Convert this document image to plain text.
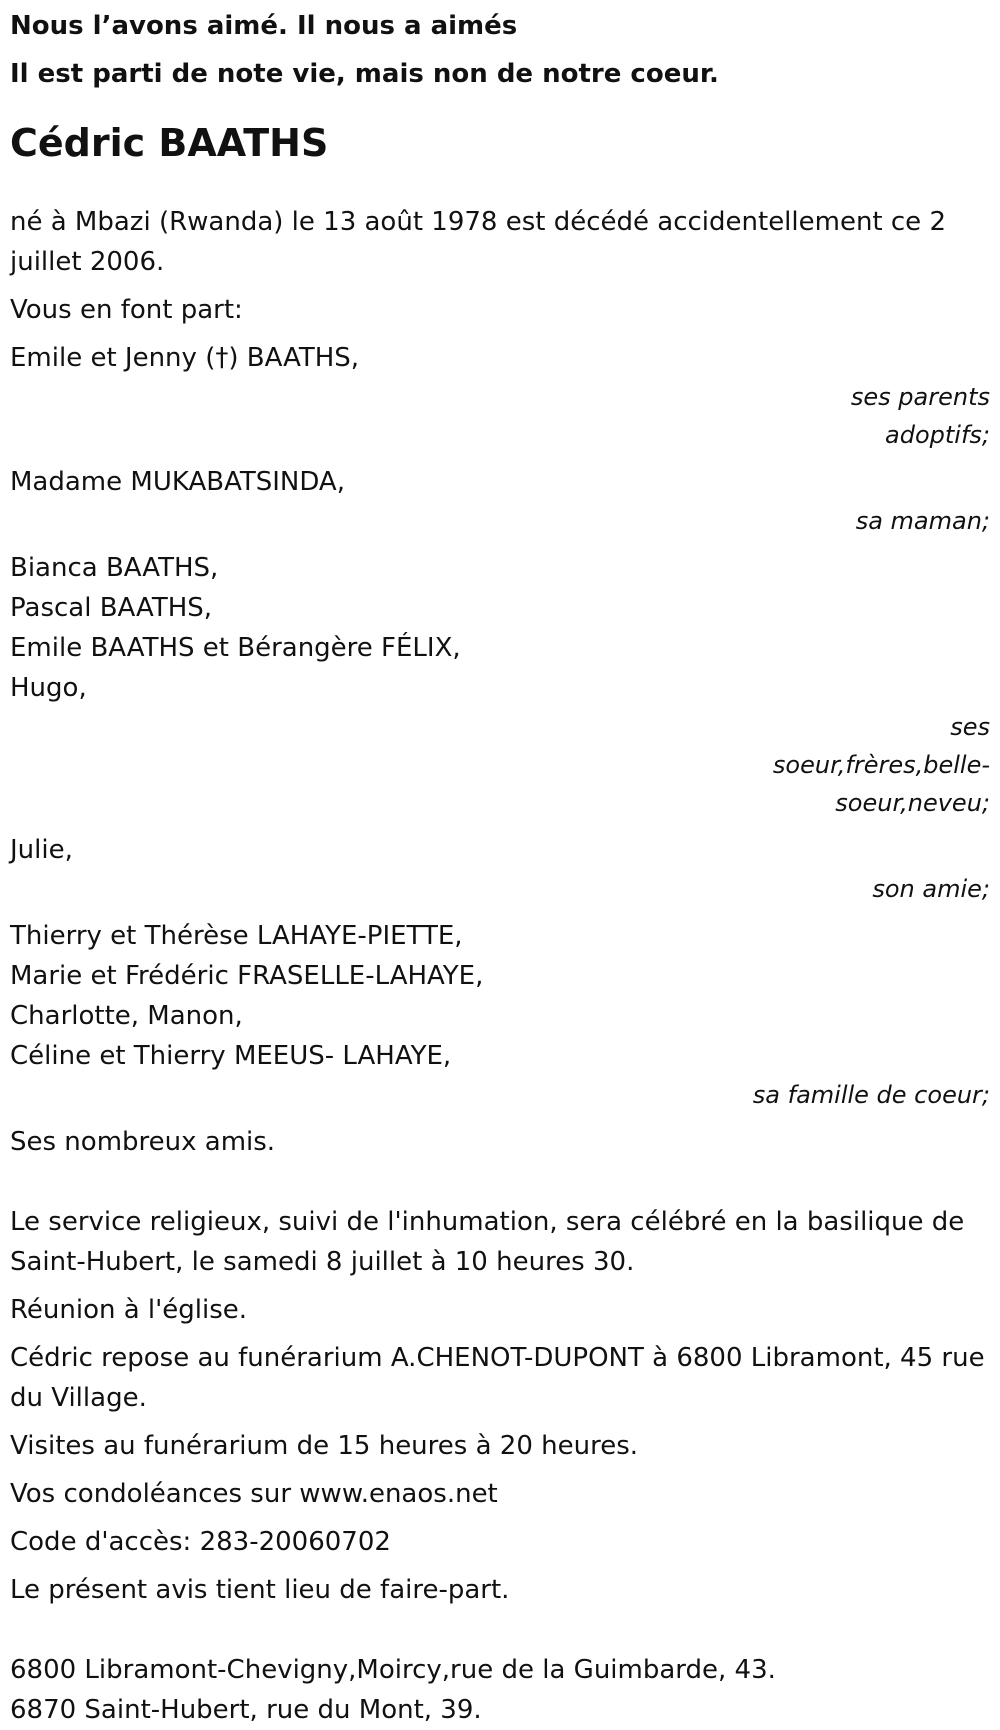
Nous l’avons aimé. Il nous a aimés

Il est parti de note vie, mais non de notre coeur.

Cédric BAATHS

né à Mbazi (Rwanda) le 13 août 1978 est décédé accidentellement ce 2 juillet 2006.

Vous en font part:

Emile et Jenny (†) BAATHS,

ses parents adoptifs;

Madame MUKABATSINDA,

sa maman;

Bianca BAATHS,

Pascal BAATHS,

Emile BAATHS et Bérangère FÉLIX,

Hugo,

ses soeur,frères,belle-soeur,neveu;

Julie,

son amie;

Thierry et Thérèse LAHAYE-PIETTE,

Marie et Frédéric FRASELLE-LAHAYE,

Charlotte, Manon,

Céline et Thierry MEEUS- LAHAYE,

sa famille de coeur;

Ses nombreux amis.

Le service religieux, suivi de l'inhumation, sera célébré en la basilique de Saint-Hubert, le samedi 8 juillet à 10 heures 30.

Réunion à l'église.

Cédric repose au funérarium A.CHENOT-DUPONT à 6800 Libramont, 45 rue du Village.

Visites au funérarium de 15 heures à 20 heures.

Vos condoléances sur www.enaos.net

Code d'accès: 283-20060702

Le présent avis tient lieu de faire-part.

6800 Libramont-Chevigny,Moircy,rue de la Guimbarde, 43.

6870 Saint-Hubert, rue du Mont, 39.
